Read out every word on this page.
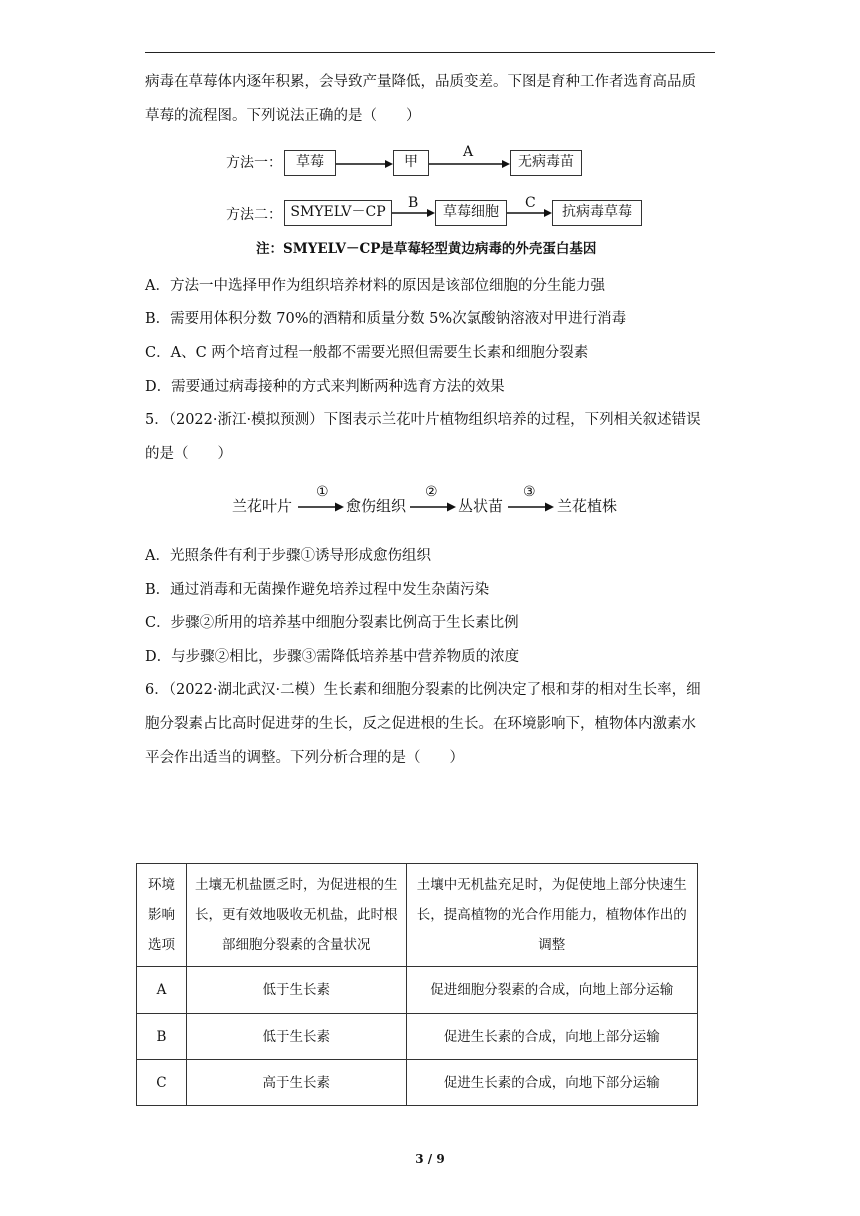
病毒在草莓体内逐年积累，会导致产量降低，品质变差。下图是育种工作者选育高品质
草莓的流程图。下列说法正确的是（　　）
方法一：	草莓	甲
A
无病毒苗
方法二： SMYELV－CP
B
草莓细胞
C
抗病毒草莓
注：SMYELV－CP是草莓轻型黄边病毒的外壳蛋白基因
A．方法一中选择甲作为组织培养材料的原因是该部位细胞的分生能力强
B．需要用体积分数 70%的酒精和质量分数 5%次氯酸钠溶液对甲进行消毒
C．A、C 两个培育过程一般都不需要光照但需要生长素和细胞分裂素
D．需要通过病毒接种的方式来判断两种选育方法的效果
5．（2022·浙江·模拟预测）下图表示兰花叶片植物组织培养的过程，下列相关叙述错误
的是（　　）
兰花叶片
①
愈伤组织
②
丛状苗
③
兰花植株
A．光照条件有利于步骤①诱导形成愈伤组织
B．通过消毒和无菌操作避免培养过程中发生杂菌污染
C．步骤②所用的培养基中细胞分裂素比例高于生长素比例
D．与步骤②相比，步骤③需降低培养基中营养物质的浓度
6．（2022·湖北武汉·二模）生长素和细胞分裂素的比例决定了根和芽的相对生长率，细
胞分裂素占比高时促进芽的生长，反之促进根的生长。在环境影响下，植物体内激素水
平会作出适当的调整。下列分析合理的是（　　）
环境影响选项	土壤无机盐匮乏时，为促进根的生长，更有效地吸收无机盐，此时根部细胞分裂素的含量状况	土壤中无机盐充足时，为促使地上部分快速生长，提高植物的光合作用能力，植物体作出的调整
A	低于生长素	促进细胞分裂素的合成，向地上部分运输
B	低于生长素	促进生长素的合成，向地上部分运输
C	高于生长素	促进生长素的合成，向地下部分运输
3 / 9
